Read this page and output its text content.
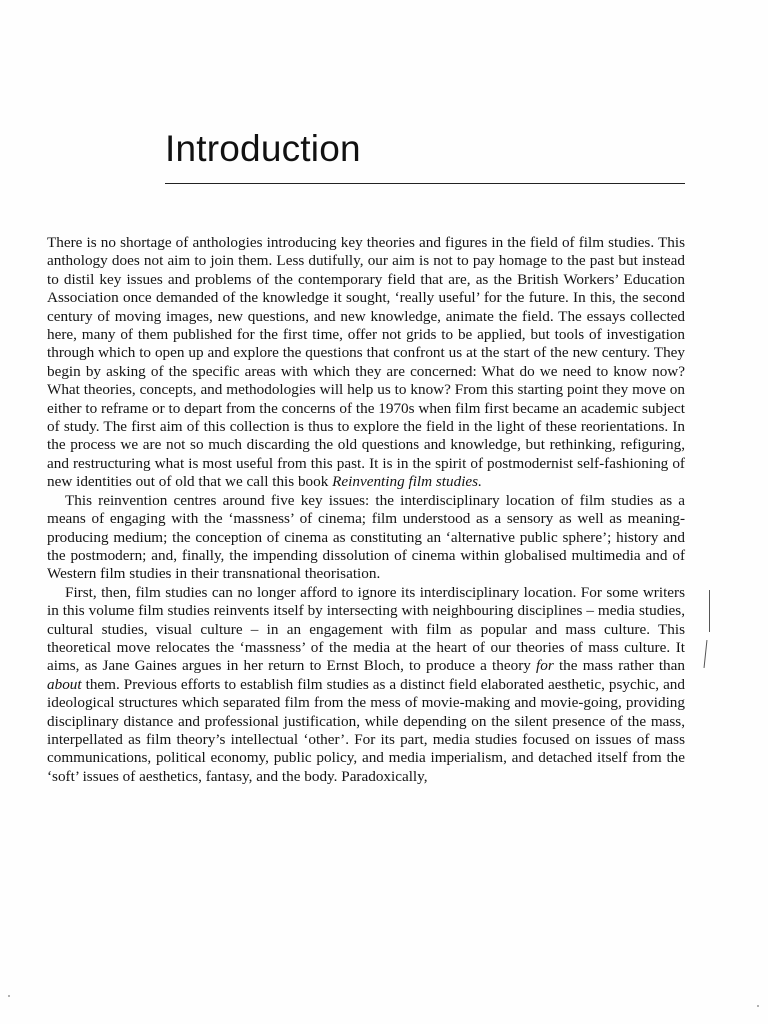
Introduction

There is no shortage of anthologies introducing key theories and figures in the field of film studies. This anthology does not aim to join them. Less dutifully, our aim is not to pay homage to the past but instead to distil key issues and problems of the contemporary field that are, as the British Workers’ Education Association once demanded of the knowledge it sought, ‘really useful’ for the future. In this, the second century of moving images, new questions, and new knowledge, animate the field. The essays collected here, many of them published for the first time, offer not grids to be applied, but tools of investigation through which to open up and explore the questions that confront us at the start of the new century. They begin by asking of the specific areas with which they are concerned: What do we need to know now? What theories, concepts, and methodologies will help us to know? From this starting point they move on either to reframe or to depart from the concerns of the 1970s when film first became an academic subject of study. The first aim of this collection is thus to explore the field in the light of these reorientations. In the process we are not so much discarding the old questions and knowledge, but rethinking, refiguring, and restructuring what is most useful from this past. It is in the spirit of postmodernist self-fashioning of new identities out of old that we call this book Reinventing film studies.

This reinvention centres around five key issues: the interdisciplinary location of film studies as a means of engaging with the ‘massness’ of cinema; film understood as a sensory as well as meaning-producing medium; the conception of cinema as constituting an ‘alternative public sphere’; history and the postmodern; and, finally, the impending dissolution of cinema within globalised multimedia and of Western film studies in their transnational theorisation.

First, then, film studies can no longer afford to ignore its interdisciplinary location. For some writers in this volume film studies reinvents itself by intersecting with neighbouring disciplines – media studies, cultural studies, visual culture – in an engagement with film as popular and mass culture. This theoretical move relocates the ‘massness’ of the media at the heart of our theories of mass culture. It aims, as Jane Gaines argues in her return to Ernst Bloch, to produce a theory for the mass rather than about them. Previous efforts to establish film studies as a distinct field elaborated aesthetic, psychic, and ideological structures which separated film from the mess of movie-making and movie-going, providing disciplinary distance and professional justification, while depending on the silent presence of the mass, interpellated as film theory’s intellectual ‘other’. For its part, media studies focused on issues of mass communications, political economy, public policy, and media imperialism, and detached itself from the ‘soft’ issues of aesthetics, fantasy, and the body. Paradoxically,
